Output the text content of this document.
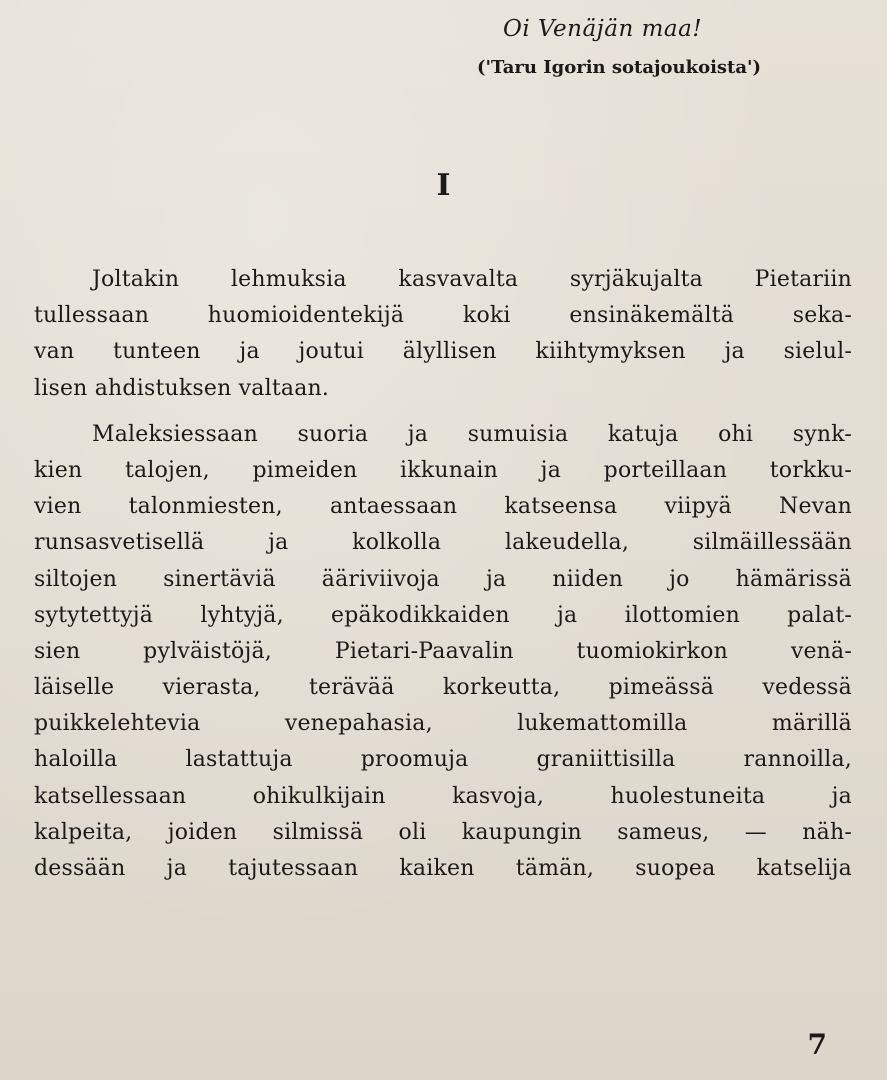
Oi Venäjän maa!
('Taru Igorin sotajoukoista')
I
Joltakin lehmuksia kasvavalta syrjäkujalta Pietariin
tullessaan huomioidentekijä koki ensinäkemältä seka-
van tunteen ja joutui älyllisen kiihtymyksen ja sielul-
lisen ahdistuksen valtaan.
Maleksiessaan suoria ja sumuisia katuja ohi synk-
kien talojen, pimeiden ikkunain ja porteillaan torkku-
vien talonmiesten, antaessaan katseensa viipyä Nevan
runsasvetisellä ja kolkolla lakeudella, silmäillessään
siltojen sinertäviä ääriviivoja ja niiden jo hämärissä
sytytettyjä lyhtyjä, epäkodikkaiden ja ilottomien palat-
sien pylväistöjä, Pietari-Paavalin tuomiokirkon venä-
läiselle vierasta, terävää korkeutta, pimeässä vedessä
puikkelehtevia venepahasia, lukemattomilla märillä
haloilla lastattuja proomuja graniittisilla rannoilla,
katsellessaan ohikulkijain kasvoja, huolestuneita ja
kalpeita, joiden silmissä oli kaupungin sameus, — näh-
dessään ja tajutessaan kaiken tämän, suopea katselija
7
